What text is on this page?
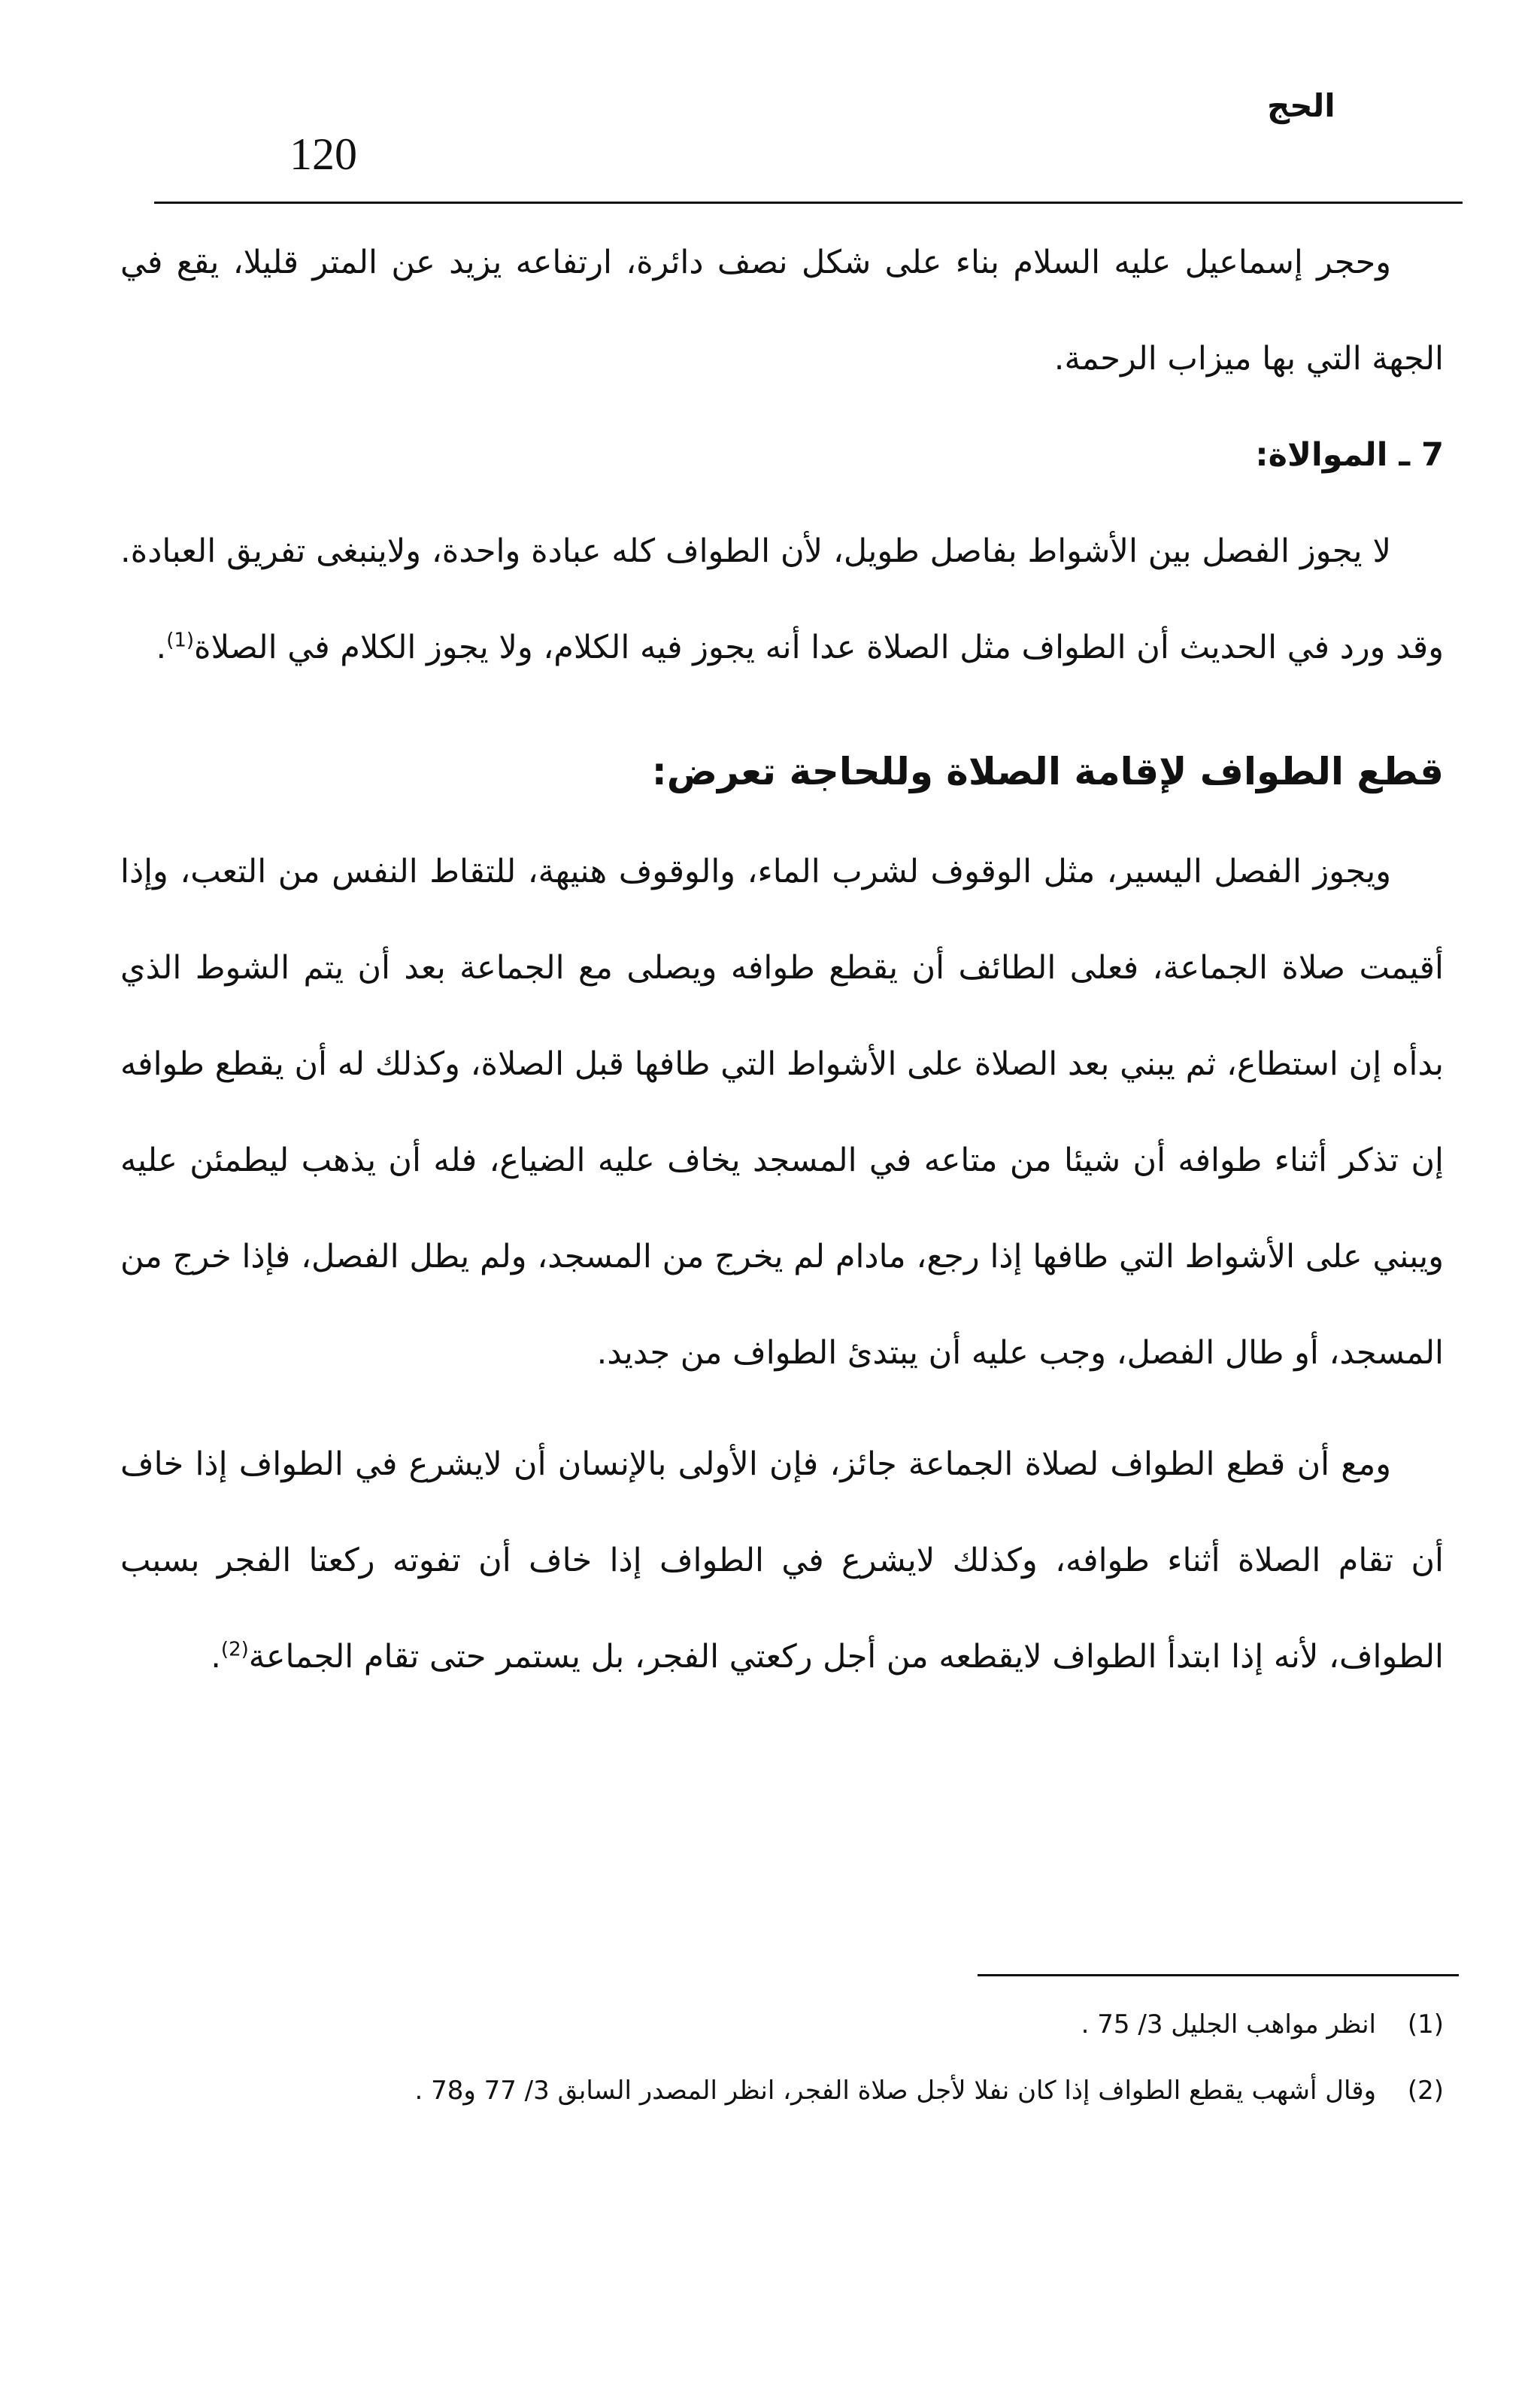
120
الحج

وحجر إسماعيل عليه السلام بناء على شكل نصف دائرة، ارتفاعه يزيد عن المتر قليلا، يقع في الجهة التي بها ميزاب الرحمة.

7 ـ الموالاة:

لا يجوز الفصل بين الأشواط بفاصل طويل، لأن الطواف كله عبادة واحدة، ولاينبغى تفريق العبادة. وقد ورد في الحديث أن الطواف مثل الصلاة عدا أنه يجوز فيه الكلام، ولا يجوز الكلام في الصلاة$^{(1)}$.

قطع الطواف لإقامة الصلاة وللحاجة تعرض:

ويجوز الفصل اليسير، مثل الوقوف لشرب الماء، والوقوف هنيهة، للتقاط النفس من التعب، وإذا أقيمت صلاة الجماعة، فعلى الطائف أن يقطع طوافه ويصلى مع الجماعة بعد أن يتم الشوط الذي بدأه إن استطاع، ثم يبني بعد الصلاة على الأشواط التي طافها قبل الصلاة، وكذلك له أن يقطع طوافه إن تذكر أثناء طوافه أن شيئا من متاعه في المسجد يخاف عليه الضياع، فله أن يذهب ليطمئن عليه ويبني على الأشواط التي طافها إذا رجع، مادام لم يخرج من المسجد، ولم يطل الفصل، فإذا خرج من المسجد، أو طال الفصل، وجب عليه أن يبتدئ الطواف من جديد.

ومع أن قطع الطواف لصلاة الجماعة جائز، فإن الأولى بالإنسان أن لايشرع في الطواف إذا خاف أن تقام الصلاة أثناء طوافه، وكذلك لايشرع في الطواف إذا خاف أن تفوته ركعتا الفجر بسبب الطواف، لأنه إذا ابتدأ الطواف لايقطعه من أجل ركعتي الفجر، بل يستمر حتى تقام الجماعة$^{(2)}$.

(1)
انظر مواهب الجليل 3/ 75 .

(2)
وقال أشهب يقطع الطواف إذا كان نفلا لأجل صلاة الفجر، انظر المصدر السابق 3/ 77 و78 .
